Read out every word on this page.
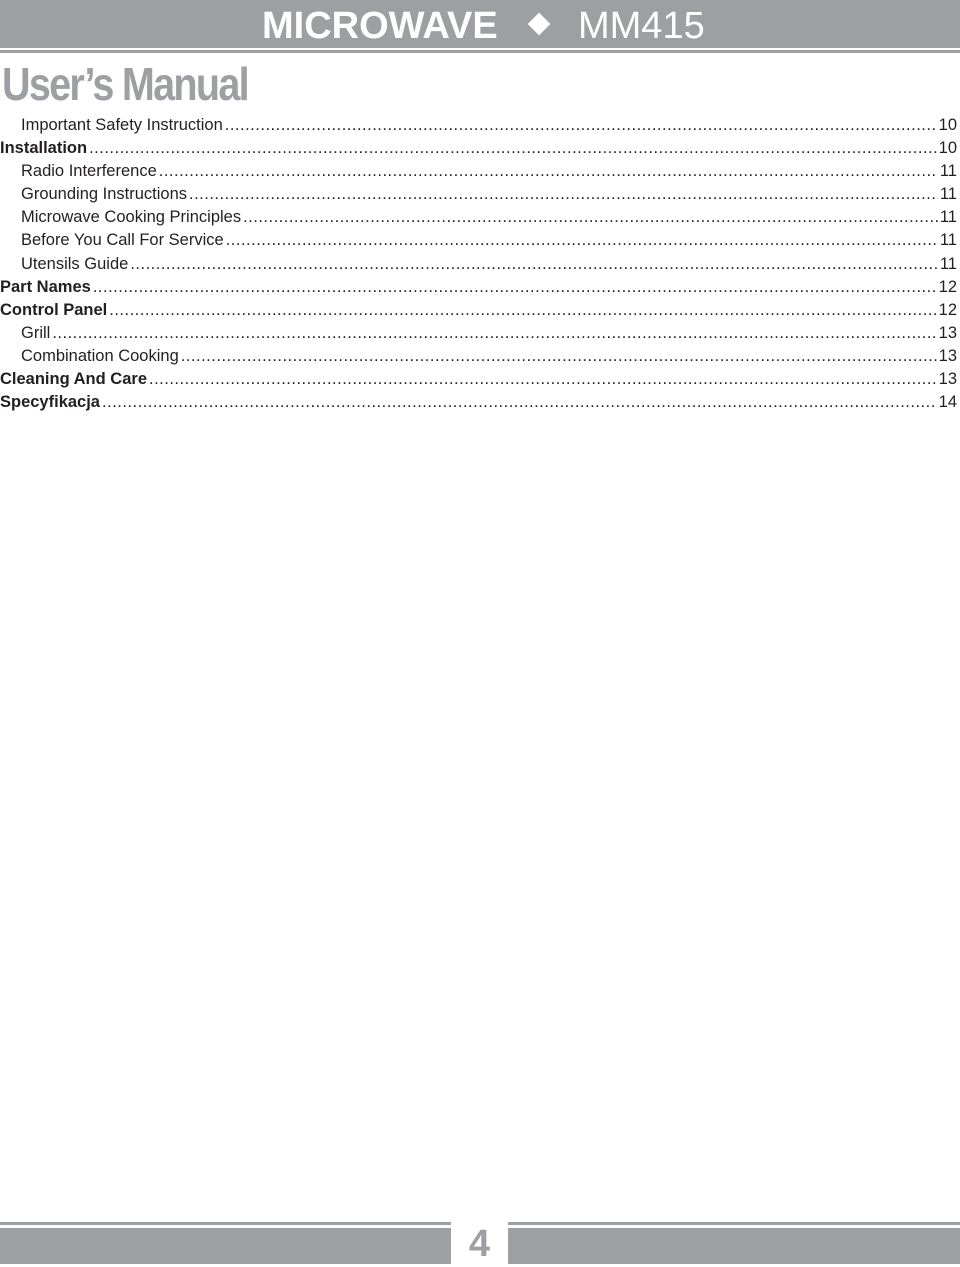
MICROWAVE MM415
User’s Manual
Important Safety Instruction .....	10
Installation .....	10
Radio Interference .....	11
Grounding Instructions .....	11
Microwave Cooking Principles .....	11
Before You Call For Service .....	11
Utensils Guide .....	11
Part Names .....	12
Control Panel .....	12
Grill .....	13
Combination Cooking .....	13
Cleaning And Care .....	13
Specyfikacja .....	14
4
